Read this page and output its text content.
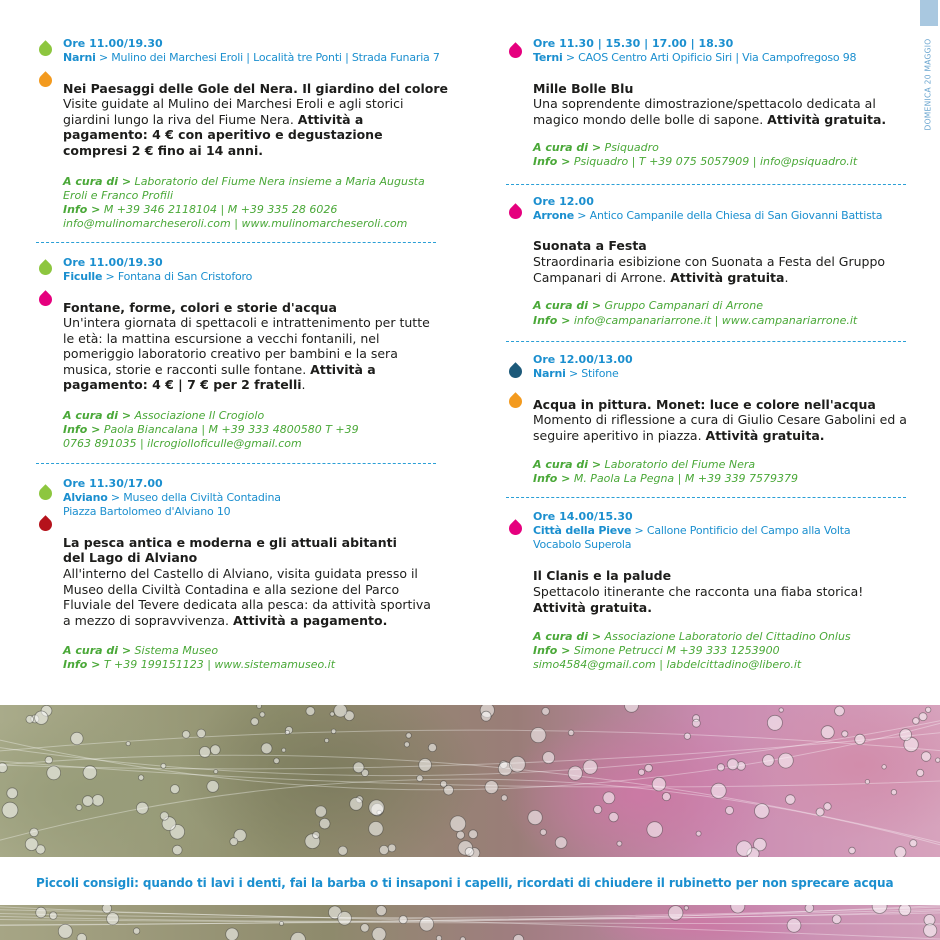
DOMENICA 20 MAGGIO
Ore 11.00/19.30
Narni > Mulino dei Marchesi Eroli | Località tre Ponti | Strada Funaria 7
Nei Paesaggi delle Gole del Nera. Il giardino del colore
Visite guidate al Mulino dei Marchesi Eroli e agli storici giardini lungo la riva del Fiume Nera. Attività a pagamento: 4 € con aperitivo e degustazione compresi 2 € fino ai 14 anni.
A cura di > Laboratorio del Fiume Nera insieme a Maria Augusta Eroli e Franco Profili
Info > M +39 346 2118104 | M +39 335 28 6026 info@mulinomarcheseroli.com | www.mulinomarcheseroli.com
Ore 11.00/19.30
Ficulle > Fontana di San Cristoforo
Fontane, forme, colori e storie d'acqua
Un'intera giornata di spettacoli e intrattenimento per tutte le età: la mattina escursione a vecchi fontanili, nel pomeriggio laboratorio creativo per bambini e la sera musica, storie e racconti sulle fontane. Attività a pagamento: 4 € | 7 € per 2 fratelli.
A cura di > Associazione Il Crogiolo
Info > Paola Biancalana | M +39 333 4800580 T +39 0763 891035 | ilcrogiolloficulle@gmail.com
Ore 11.30/17.00
Alviano > Museo della Civiltà Contadina
Piazza Bartolomeo d'Alviano 10
La pesca antica e moderna e gli attuali abitanti del Lago di Alviano
All'interno del Castello di Alviano, visita guidata presso il Museo della Civiltà Contadina e alla sezione del Parco Fluviale del Tevere dedicata alla pesca: da attività sportiva a mezzo di sopravvivenza. Attività a pagamento.
A cura di > Sistema Museo
Info > T +39 199151123 | www.sistemamuseo.it
Ore 11.30 | 15.30 | 17.00 | 18.30
Terni > CAOS Centro Arti Opificio Siri | Via Campofregoso 98
Mille Bolle Blu
Una soprendente dimostrazione/spettacolo dedicata al magico mondo delle bolle di sapone. Attività gratuita.
A cura di > Psiquadro
Info > Psiquadro | T +39 075 5057909 | info@psiquadro.it
Ore 12.00
Arrone > Antico Campanile della Chiesa di San Giovanni Battista
Suonata a Festa
Straordinaria esibizione con Suonata a Festa del Gruppo Campanari di Arrone. Attività gratuita.
A cura di > Gruppo Campanari di Arrone
Info > info@campanariarrone.it | www.campanariarrone.it
Ore 12.00/13.00
Narni > Stifone
Acqua in pittura. Monet: luce e colore nell'acqua
Momento di riflessione a cura di Giulio Cesare Gabolini ed a seguire aperitivo in piazza. Attività gratuita.
A cura di > Laboratorio del Fiume Nera
Info > M. Paola La Pegna | M +39 339 7579379
Ore 14.00/15.30
Città della Pieve > Callone Pontificio del Campo alla Volta
Vocabolo Superola
Il Clanis e la palude
Spettacolo itinerante che racconta una fiaba storica! Attività gratuita.
A cura di > Associazione Laboratorio del Cittadino Onlus
Info > Simone Petrucci M +39 333 1253900 simo4584@gmail.com | labdelcittadino@libero.it
Piccoli consigli: quando ti lavi i denti, fai la barba o ti insaponi i capelli, ricordati di chiudere il rubinetto per non sprecare acqua
